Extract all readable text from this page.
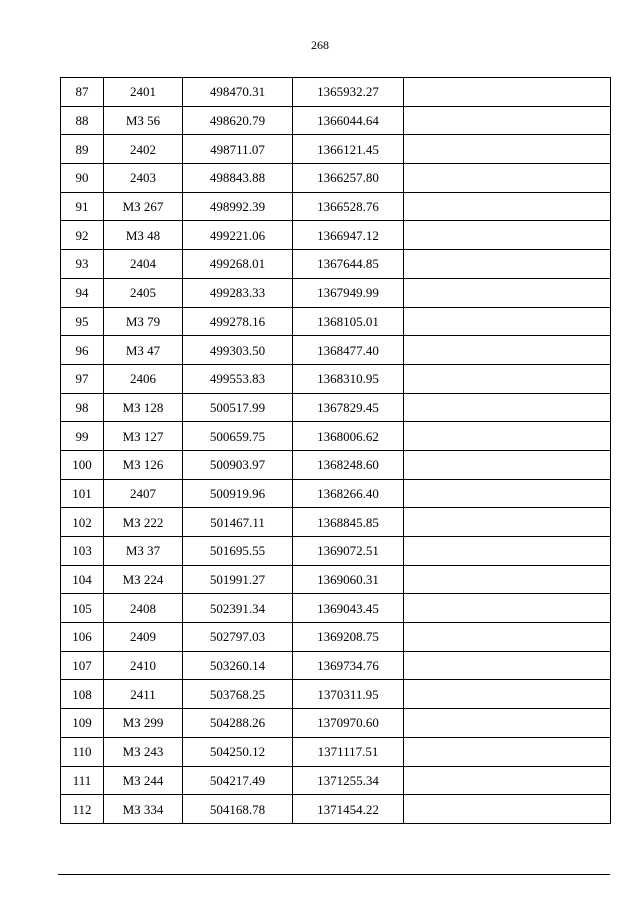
268
87	2401	498470.31	1365932.27	
88	МЗ 56	498620.79	1366044.64	
89	2402	498711.07	1366121.45	
90	2403	498843.88	1366257.80	
91	МЗ 267	498992.39	1366528.76	
92	МЗ 48	499221.06	1366947.12	
93	2404	499268.01	1367644.85	
94	2405	499283.33	1367949.99	
95	МЗ 79	499278.16	1368105.01	
96	МЗ 47	499303.50	1368477.40	
97	2406	499553.83	1368310.95	
98	МЗ 128	500517.99	1367829.45	
99	МЗ 127	500659.75	1368006.62	
100	МЗ 126	500903.97	1368248.60	
101	2407	500919.96	1368266.40	
102	МЗ 222	501467.11	1368845.85	
103	МЗ 37	501695.55	1369072.51	
104	МЗ 224	501991.27	1369060.31	
105	2408	502391.34	1369043.45	
106	2409	502797.03	1369208.75	
107	2410	503260.14	1369734.76	
108	2411	503768.25	1370311.95	
109	МЗ 299	504288.26	1370970.60	
110	МЗ 243	504250.12	1371117.51	
111	МЗ 244	504217.49	1371255.34	
112	МЗ 334	504168.78	1371454.22	
